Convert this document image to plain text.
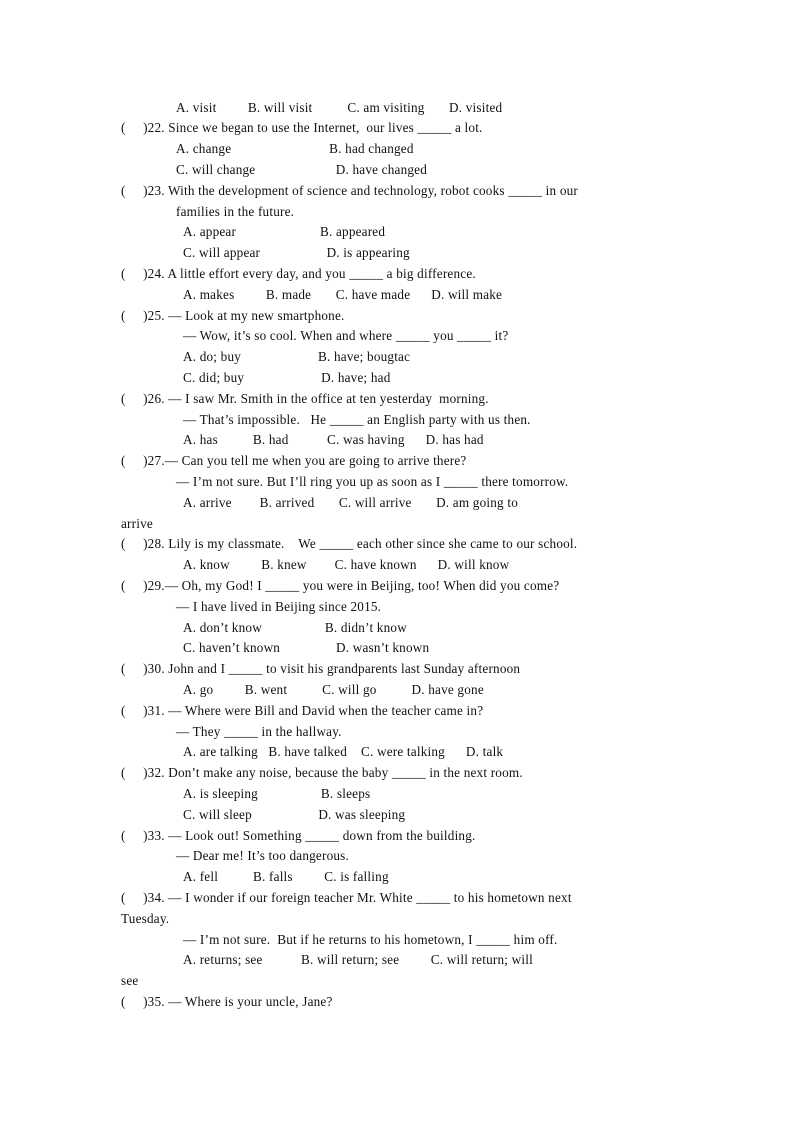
A. visit         B. will visit          C. am visiting       D. visited
(     )22. Since we began to use the Internet,  our lives _____ a lot.
A. change                            B. had changed
C. will change                       D. have changed
(     )23. With the development of science and technology, robot cooks _____ in our
families in the future.
A. appear                        B. appeared
C. will appear                   D. is appearing
(     )24. A little effort every day, and you _____ a big difference.
A. makes         B. made       C. have made      D. will make
(     )25. — Look at my new smartphone.
— Wow, it’s so cool. When and where _____ you _____ it?
A. do; buy                      B. have; bougtac
C. did; buy                      D. have; had
(     )26. — I saw Mr. Smith in the office at ten yesterday  morning.
— That’s impossible.   He _____ an English party with us then.
A. has          B. had           C. was having      D. has had
(     )27.— Can you tell me when you are going to arrive there?
— I’m not sure. But I’ll ring you up as soon as I _____ there tomorrow.
A. arrive        B. arrived       C. will arrive       D. am going to
arrive
(     )28. Lily is my classmate.    We _____ each other since she came to our school.
A. know         B. knew        C. have known      D. will know
(     )29.— Oh, my God! I _____ you were in Beijing, too! When did you come?
— I have lived in Beijing since 2015.
A. don’t know                  B. didn’t know
C. haven’t known                D. wasn’t known
(     )30. John and I _____ to visit his grandparents last Sunday afternoon
A. go         B. went          C. will go          D. have gone
(     )31. — Where were Bill and David when the teacher came in?
— They _____ in the hallway.
A. are talking   B. have talked    C. were talking      D. talk
(     )32. Don’t make any noise, because the baby _____ in the next room.
A. is sleeping                  B. sleeps
C. will sleep                   D. was sleeping
(     )33. — Look out! Something _____ down from the building.
— Dear me! It’s too dangerous.
A. fell          B. falls         C. is falling
(     )34. — I wonder if our foreign teacher Mr. White _____ to his hometown next
Tuesday.
— I’m not sure.  But if he returns to his hometown, I _____ him off.
A. returns; see           B. will return; see         C. will return; will
see
(     )35. — Where is your uncle, Jane?
